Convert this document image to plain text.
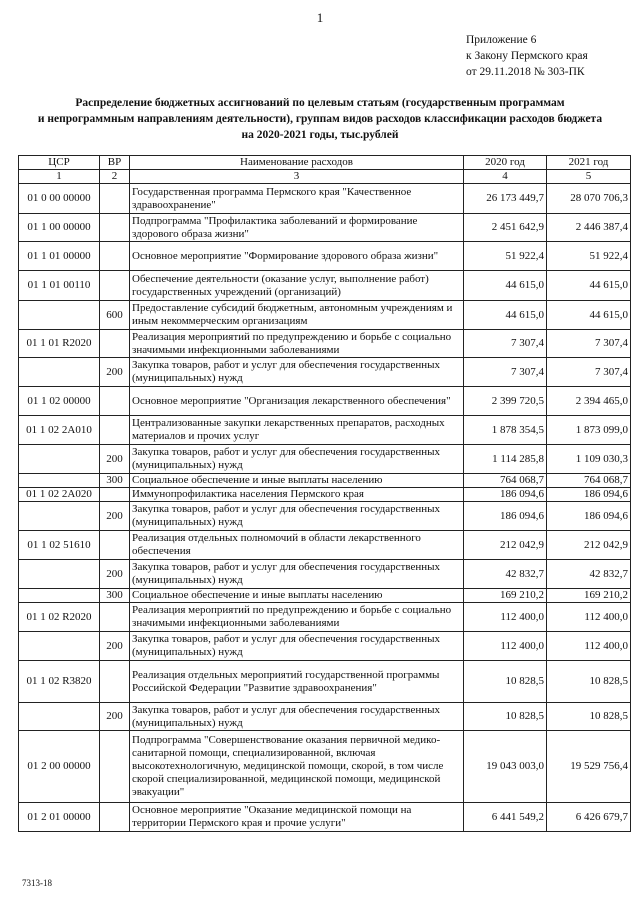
1
Приложение 6
к Закону Пермского края
от 29.11.2018 № 303-ПК
Распределение бюджетных ассигнований по целевым статьям (государственным программам
и непрограммным направлениям деятельности), группам видов расходов классификации расходов бюджета
на 2020-2021 годы, тыс.рублей
ЦСР	ВР	Наименование расходов	2020 год	2021 год
1	2	3	4	5
01 0 00 00000		Государственная программа Пермского края "Качественное здравоохранение"	26 173 449,7	28 070 706,3
01 1 00 00000		Подпрограмма "Профилактика заболеваний и формирование здорового образа жизни"	2 451 642,9	2 446 387,4
01 1 01 00000		Основное мероприятие "Формирование здорового образа жизни"	51 922,4	51 922,4
01 1 01 00110		Обеспечение деятельности (оказание услуг, выполнение работ) государственных учреждений (организаций)	44 615,0	44 615,0
	600	Предоставление субсидий бюджетным, автономным учреждениям и иным некоммерческим организациям	44 615,0	44 615,0
01 1 01 R2020		Реализация мероприятий по предупреждению и борьбе с социально значимыми инфекционными заболеваниями	7 307,4	7 307,4
	200	Закупка товаров, работ и услуг для обеспечения государственных (муниципальных) нужд	7 307,4	7 307,4
01 1 02 00000		Основное мероприятие "Организация лекарственного обеспечения"	2 399 720,5	2 394 465,0
01 1 02 2А010		Централизованные закупки лекарственных препаратов, расходных материалов и прочих услуг	1 878 354,5	1 873 099,0
	200	Закупка товаров, работ и услуг для обеспечения государственных (муниципальных) нужд	1 114 285,8	1 109 030,3
	300	Социальное обеспечение и иные выплаты населению	764 068,7	764 068,7
01 1 02 2А020		Иммунопрофилактика населения Пермского края	186 094,6	186 094,6
	200	Закупка товаров, работ и услуг для обеспечения государственных (муниципальных) нужд	186 094,6	186 094,6
01 1 02 51610		Реализация отдельных полномочий в области лекарственного обеспечения	212 042,9	212 042,9
	200	Закупка товаров, работ и услуг для обеспечения государственных (муниципальных) нужд	42 832,7	42 832,7
	300	Социальное обеспечение и иные выплаты населению	169 210,2	169 210,2
01 1 02 R2020		Реализация мероприятий по предупреждению и борьбе с социально значимыми инфекционными заболеваниями	112 400,0	112 400,0
	200	Закупка товаров, работ и услуг для обеспечения государственных (муниципальных) нужд	112 400,0	112 400,0
01 1 02 R3820		Реализация отдельных мероприятий государственной программы Российской Федерации "Развитие здравоохранения"	10 828,5	10 828,5
	200	Закупка товаров, работ и услуг для обеспечения государственных (муниципальных) нужд	10 828,5	10 828,5
01 2 00 00000		Подпрограмма "Совершенствование оказания первичной медико-санитарной помощи, специализированной, включая высокотехнологичную, медицинской помощи, скорой, в том числе скорой специализированной, медицинской помощи, медицинской эвакуации"	19 043 003,0	19 529 756,4
01 2 01 00000		Основное мероприятие "Оказание медицинской помощи на территории Пермского края и прочие услуги"	6 441 549,2	6 426 679,7
7313-18
